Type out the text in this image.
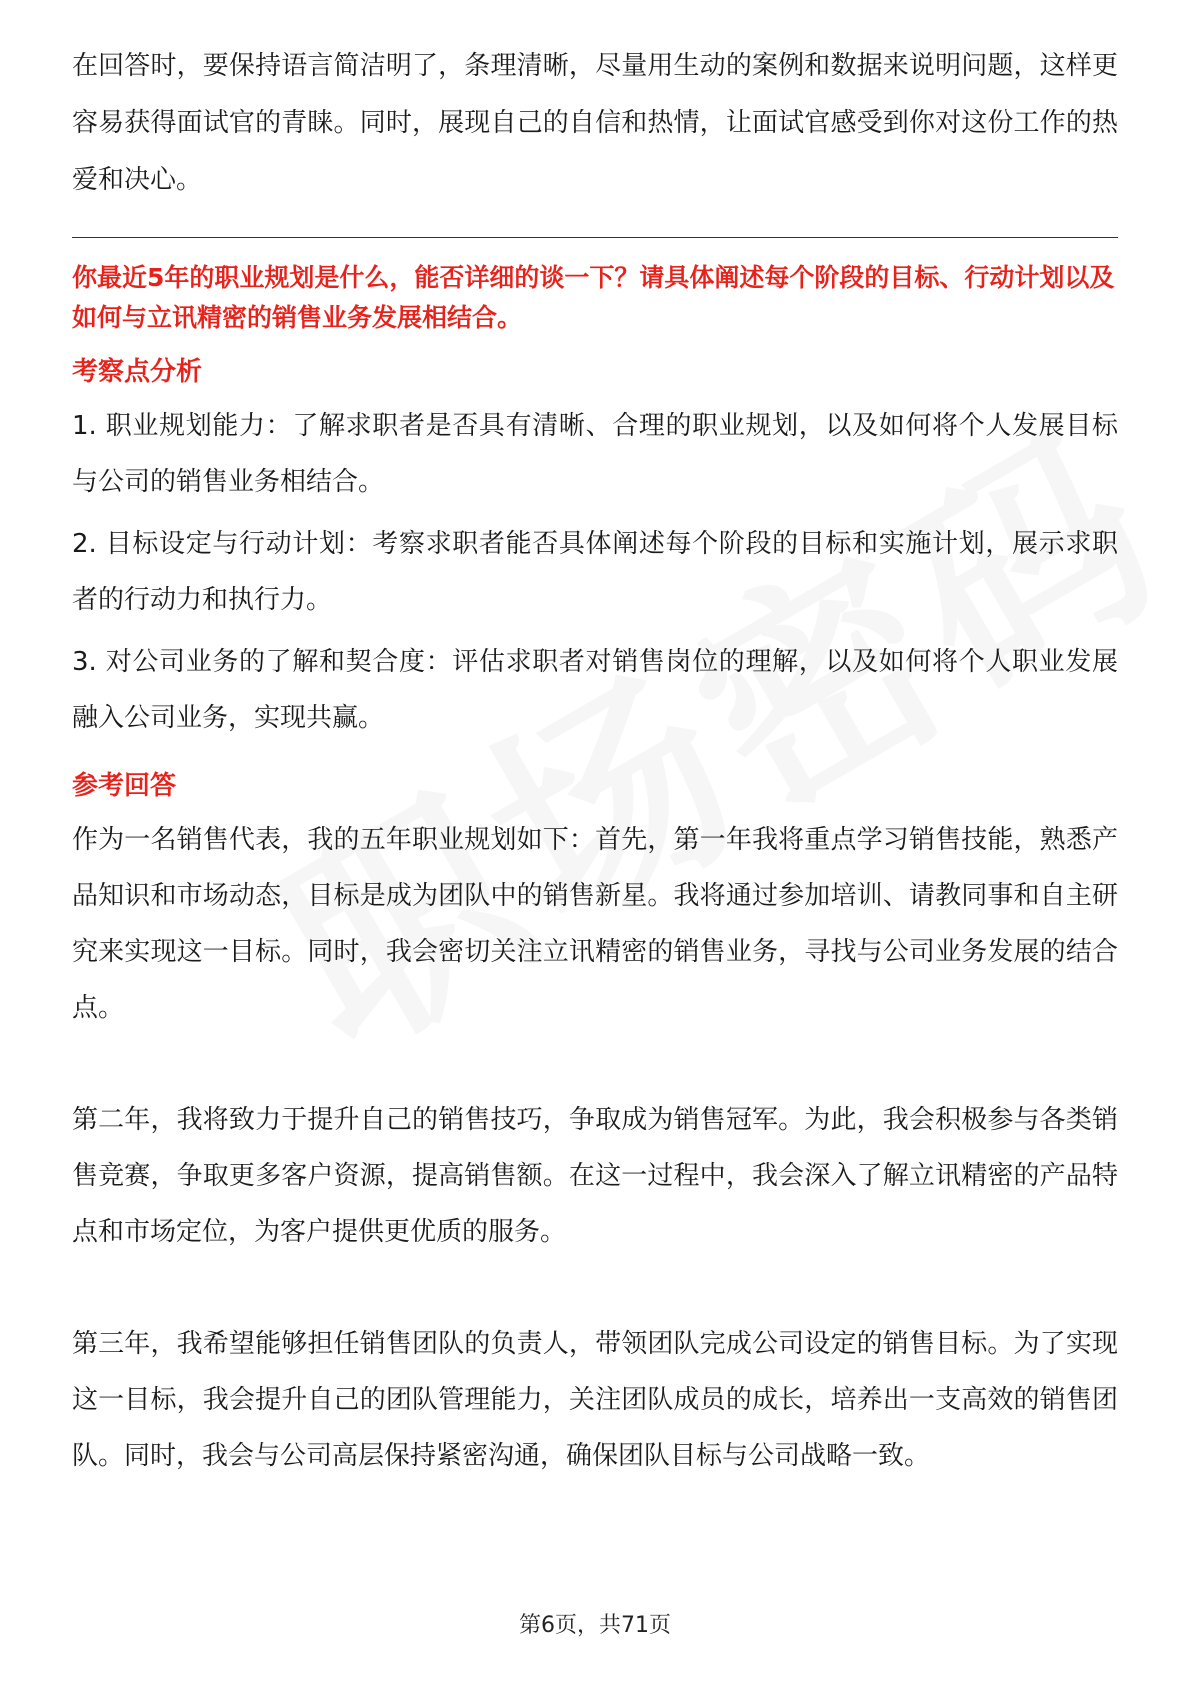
在回答时，要保持语言简洁明了，条理清晰，尽量用生动的案例和数据来说明问题，这样更容易获得面试官的青睐。同时，展现自己的自信和热情，让面试官感受到你对这份工作的热爱和决心。

你最近5年的职业规划是什么，能否详细的谈一下？请具体阐述每个阶段的目标、行动计划以及如何与立讯精密的销售业务发展相结合。

考察点分析

1. 职业规划能力：了解求职者是否具有清晰、合理的职业规划，以及如何将个人发展目标与公司的销售业务相结合。

2. 目标设定与行动计划：考察求职者能否具体阐述每个阶段的目标和实施计划，展示求职者的行动力和执行力。

3. 对公司业务的了解和契合度：评估求职者对销售岗位的理解，以及如何将个人职业发展融入公司业务，实现共赢。

参考回答

作为一名销售代表，我的五年职业规划如下：首先，第一年我将重点学习销售技能，熟悉产品知识和市场动态，目标是成为团队中的销售新星。我将通过参加培训、请教同事和自主研究来实现这一目标。同时，我会密切关注立讯精密的销售业务，寻找与公司业务发展的结合点。

第二年，我将致力于提升自己的销售技巧，争取成为销售冠军。为此，我会积极参与各类销售竞赛，争取更多客户资源，提高销售额。在这一过程中，我会深入了解立讯精密的产品特点和市场定位，为客户提供更优质的服务。

第三年，我希望能够担任销售团队的负责人，带领团队完成公司设定的销售目标。为了实现这一目标，我会提升自己的团队管理能力，关注团队成员的成长，培养出一支高效的销售团队。同时，我会与公司高层保持紧密沟通，确保团队目标与公司战略一致。

第6页，共71页
